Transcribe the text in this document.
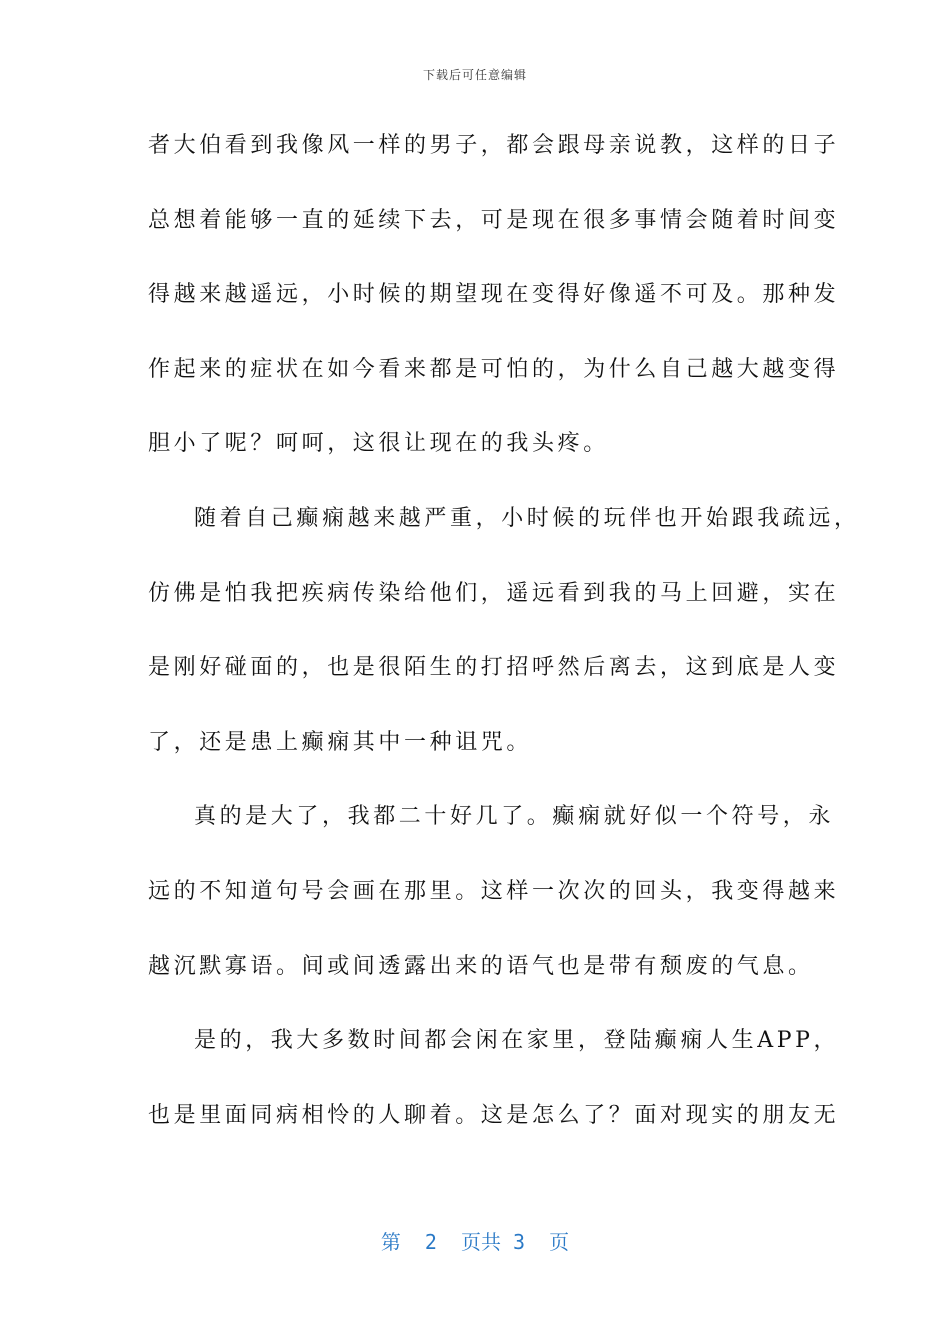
下载后可任意编辑
者大伯看到我像风一样的男子，都会跟母亲说教，这样的日子
总想着能够一直的延续下去，可是现在很多事情会随着时间变
得越来越遥远，小时候的期望现在变得好像遥不可及。那种发
作起来的症状在如今看来都是可怕的，为什么自己越大越变得
胆小了呢？呵呵，这很让现在的我头疼。
随着自己癫痫越来越严重，小时候的玩伴也开始跟我疏远，
仿佛是怕我把疾病传染给他们，遥远看到我的马上回避，实在
是刚好碰面的，也是很陌生的打招呼然后离去，这到底是人变
了，还是患上癫痫其中一种诅咒。
真的是大了，我都二十好几了。癫痫就好似一个符号，永
远的不知道句号会画在那里。这样一次次的回头，我变得越来
越沉默寡语。间或间透露出来的语气也是带有颓废的气息。
是的，我大多数时间都会闲在家里，登陆癫痫人生APP，
也是里面同病相怜的人聊着。这是怎么了？面对现实的朋友无
第  2  页共 3  页
